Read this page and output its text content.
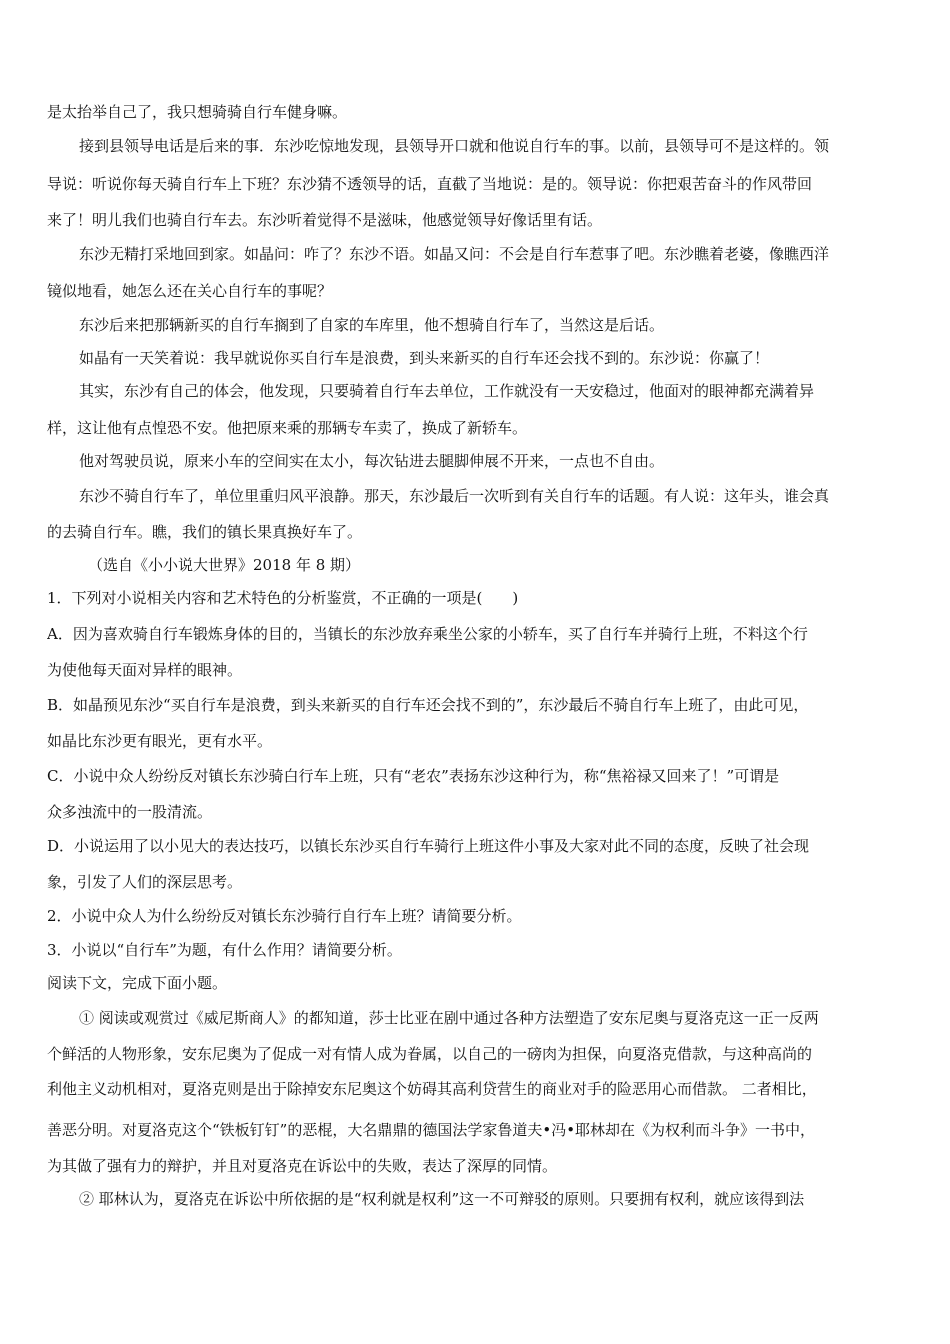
是太抬举自己了，我只想骑骑自行车健身嘛。
接到县领导电话是后来的事．东沙吃惊地发现，县领导开口就和他说自行车的事。以前，县领导可不是这样的。领
导说：听说你每天骑自行车上下班？东沙猜不透领导的话，直截了当地说：是的。领导说：你把艰苦奋斗的作风带回
来了！明儿我们也骑自行车去。东沙听着觉得不是滋味，他感觉领导好像话里有话。
东沙无精打采地回到家。如晶问：咋了？东沙不语。如晶又问：不会是自行车惹事了吧。东沙瞧着老婆，像瞧西洋
镜似地看，她怎么还在关心自行车的事呢？
东沙后来把那辆新买的自行车搁到了自家的车库里，他不想骑自行车了，当然这是后话。
如晶有一天笑着说：我早就说你买自行车是浪费，到头来新买的自行车还会找不到的。东沙说：你赢了！
其实，东沙有自己的体会，他发现，只要骑着自行车去单位，工作就没有一天安稳过，他面对的眼神都充满着异
样，这让他有点惶恐不安。他把原来乘的那辆专车卖了，换成了新轿车。
他对驾驶员说，原来小车的空间实在太小，每次钻进去腿脚伸展不开来，一点也不自由。
东沙不骑自行车了，单位里重归风平浪静。那天，东沙最后一次听到有关自行车的话题。有人说：这年头，谁会真
的去骑自行车。瞧，我们的镇长果真换好车了。
（选自《小小说大世界》2018 年 8 期）
1．下列对小说相关内容和艺术特色的分析鉴赏，不正确的一项是(　　)
A．因为喜欢骑自行车锻炼身体的目的，当镇长的东沙放弃乘坐公家的小轿车，买了自行车并骑行上班，不料这个行
为使他每天面对异样的眼神。
B．如晶预见东沙“买自行车是浪费，到头来新买的自行车还会找不到的”，东沙最后不骑自行车上班了，由此可见，
如晶比东沙更有眼光，更有水平。
C．小说中众人纷纷反对镇长东沙骑白行车上班，只有“老农”表扬东沙这种行为，称“焦裕禄又回来了！”可谓是
众多浊流中的一股清流。
D．小说运用了以小见大的表达技巧，以镇长东沙买自行车骑行上班这件小事及大家对此不同的态度，反映了社会现
象，引发了人们的深层思考。
2．小说中众人为什么纷纷反对镇长东沙骑行自行车上班？请简要分析。
3．小说以“自行车”为题，有什么作用？请简要分析。
阅读下文，完成下面小题。
① 阅读或观赏过《威尼斯商人》的都知道，莎士比亚在剧中通过各种方法塑造了安东尼奥与夏洛克这一正一反两
个鲜活的人物形象，安东尼奥为了促成一对有情人成为眷属，以自己的一磅肉为担保，向夏洛克借款，与这种高尚的
利他主义动机相对，夏洛克则是出于除掉安东尼奥这个妨碍其高利贷营生的商业对手的险恶用心而借款。 二者相比，
善恶分明。对夏洛克这个“铁板钉钉”的恶棍，大名鼎鼎的德国法学家鲁道夫•冯•耶林却在《为权利而斗争》一书中，
为其做了强有力的辩护，并且对夏洛克在诉讼中的失败，表达了深厚的同情。
② 耶林认为，夏洛克在诉讼中所依据的是“权利就是权利”这一不可辩驳的原则。只要拥有权利，就应该得到法
